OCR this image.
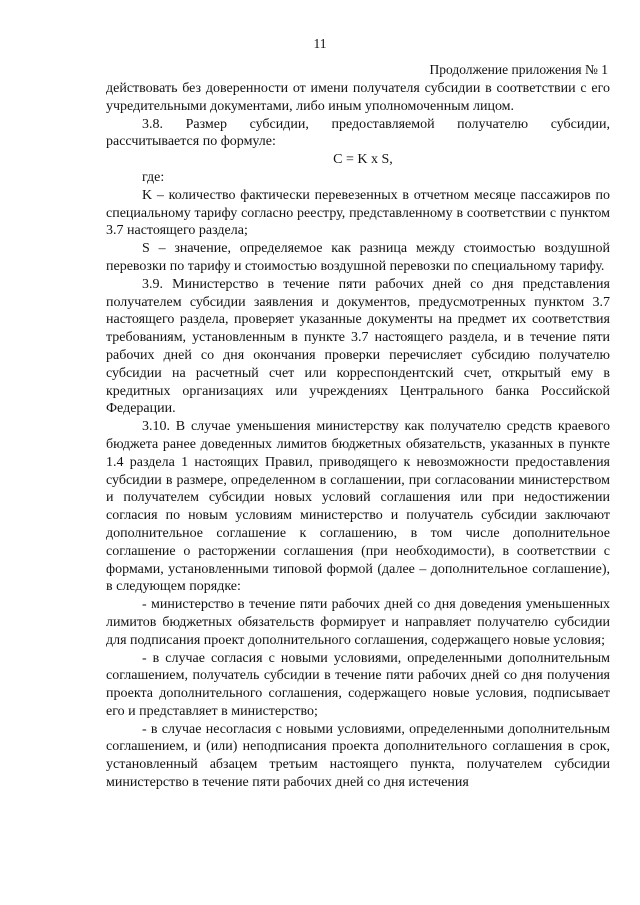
11
Продолжение приложения № 1

действовать без доверенности от имени получателя субсидии в соответствии с его учредительными документами, либо иным уполномоченным лицом.

3.8. Размер субсидии, предоставляемой получателю субсидии, рассчитывается по формуле:

C = K x S,

где:

K – количество фактически перевезенных в отчетном месяце пассажиров по специальному тарифу согласно реестру, представленному в соответствии с пунктом 3.7 настоящего раздела;

S – значение, определяемое как разница между стоимостью воздушной перевозки по тарифу и стоимостью воздушной перевозки по специальному тарифу.

3.9. Министерство в течение пяти рабочих дней со дня представления получателем субсидии заявления и документов, предусмотренных пунктом 3.7 настоящего раздела, проверяет указанные документы на предмет их соответствия требованиям, установленным в пункте 3.7 настоящего раздела, и в течение пяти рабочих дней со дня окончания проверки перечисляет субсидию получателю субсидии на расчетный счет или корреспондентский счет, открытый ему в кредитных организациях или учреждениях Центрального банка Российской Федерации.

3.10. В случае уменьшения министерству как получателю средств краевого бюджета ранее доведенных лимитов бюджетных обязательств, указанных в пункте 1.4 раздела 1 настоящих Правил, приводящего к невозможности предоставления субсидии в размере, определенном в соглашении, при согласовании министерством и получателем субсидии новых условий соглашения или при недостижении согласия по новым условиям министерство и получатель субсидии заключают дополнительное соглашение к соглашению, в том числе дополнительное соглашение о расторжении соглашения (при необходимости), в соответствии с формами, установленными типовой формой (далее – дополнительное соглашение), в следующем порядке:

- министерство в течение пяти рабочих дней со дня доведения уменьшенных лимитов бюджетных обязательств формирует и направляет получателю субсидии для подписания проект дополнительного соглашения, содержащего новые условия;

- в случае согласия с новыми условиями, определенными дополнительным соглашением, получатель субсидии в течение пяти рабочих дней со дня получения проекта дополнительного соглашения, содержащего новые условия, подписывает его и представляет в министерство;

- в случае несогласия с новыми условиями, определенными дополнительным соглашением, и (или) неподписания проекта дополнительного соглашения в срок, установленный абзацем третьим настоящего пункта, получателем субсидии министерство в течение пяти рабочих дней со дня истечения
